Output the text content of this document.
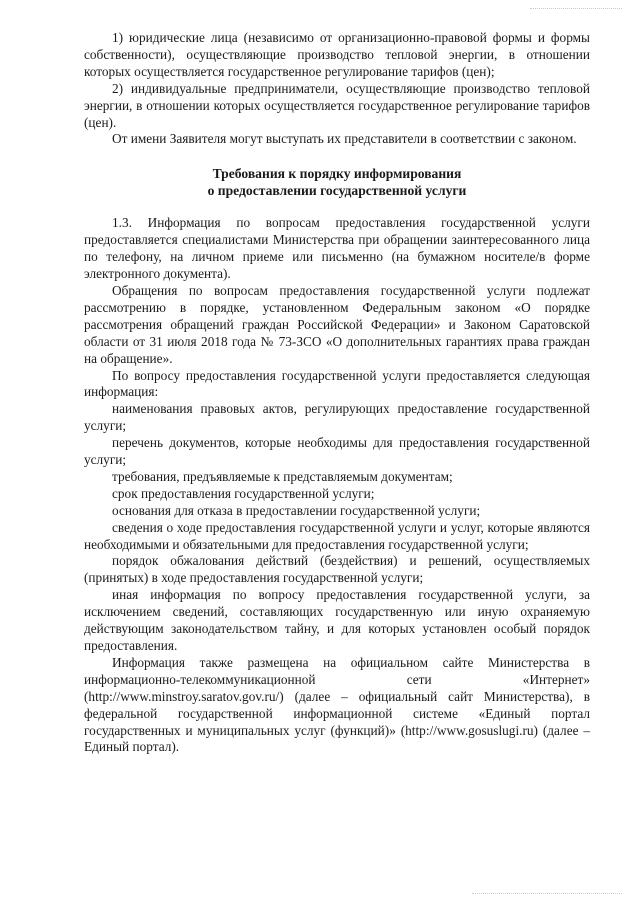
1) юридические лица (независимо от организационно-правовой формы и формы собственности), осуществляющие производство тепловой энергии, в отношении которых осуществляется государственное регулирование тарифов (цен);

2) индивидуальные предприниматели, осуществляющие производство тепловой энергии, в отношении которых осуществляется государственное регулирование тарифов (цен).

От имени Заявителя могут выступать их представители в соответствии с законом.

Требования к порядку информирования
о предоставлении государственной услуги

1.3. Информация по вопросам предоставления государственной услуги предоставляется специалистами Министерства при обращении заинтересованного лица по телефону, на личном приеме или письменно (на бумажном носителе/в форме электронного документа).

Обращения по вопросам предоставления государственной услуги подлежат рассмотрению в порядке, установленном Федеральным законом «О порядке рассмотрения обращений граждан Российской Федерации» и Законом Саратовской области от 31 июля 2018 года № 73-ЗСО «О дополнительных гарантиях права граждан на обращение».

По вопросу предоставления государственной услуги предоставляется следующая информация:

наименования правовых актов, регулирующих предоставление государственной услуги;

перечень документов, которые необходимы для предоставления государственной услуги;

требования, предъявляемые к представляемым документам;

срок предоставления государственной услуги;

основания для отказа в предоставлении государственной услуги;

сведения о ходе предоставления государственной услуги и услуг, которые являются необходимыми и обязательными для предоставления государственной услуги;

порядок обжалования действий (бездействия) и решений, осуществляемых (принятых) в ходе предоставления государственной услуги;

иная информация по вопросу предоставления государственной услуги, за исключением сведений, составляющих государственную или иную охраняемую действующим законодательством тайну, и для которых установлен особый порядок предоставления.

Информация также размещена на официальном сайте Министерства в информационно-телекоммуникационной сети «Интернет» (http://www.minstroy.saratov.gov.ru/) (далее – официальный сайт Министерства), в федеральной государственной информационной системе «Единый портал государственных и муниципальных услуг (функций)» (http://www.gosuslugi.ru) (далее – Единый портал).
